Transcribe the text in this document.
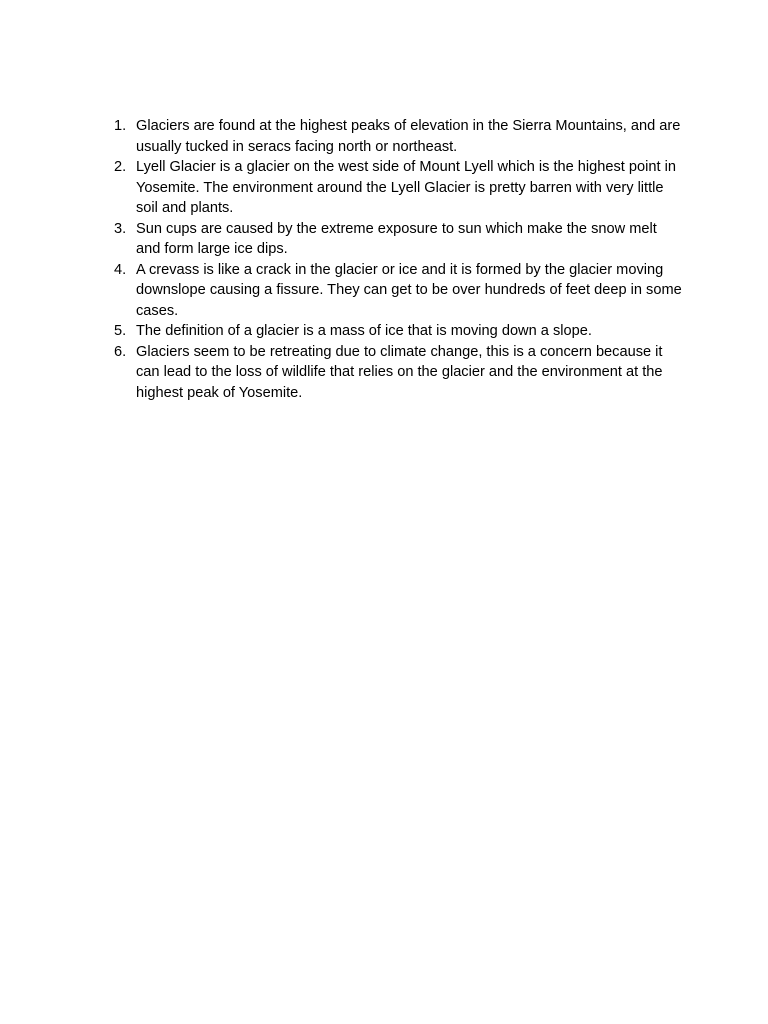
1. Glaciers are found at the highest peaks of elevation in the Sierra Mountains, and are usually tucked in seracs facing north or northeast.
2. Lyell Glacier is a glacier on the west side of Mount Lyell which is the highest point in Yosemite. The environment around the Lyell Glacier is pretty barren with very little soil and plants.
3. Sun cups are caused by the extreme exposure to sun which make the snow melt and form large ice dips.
4. A crevass is like a crack in the glacier or ice and it is formed by the glacier moving downslope causing a fissure. They can get to be over hundreds of feet deep in some cases.
5. The definition of a glacier is a mass of ice that is moving down a slope.
6. Glaciers seem to be retreating due to climate change, this is a concern because it can lead to the loss of wildlife that relies on the glacier and the environment at the highest peak of Yosemite.
